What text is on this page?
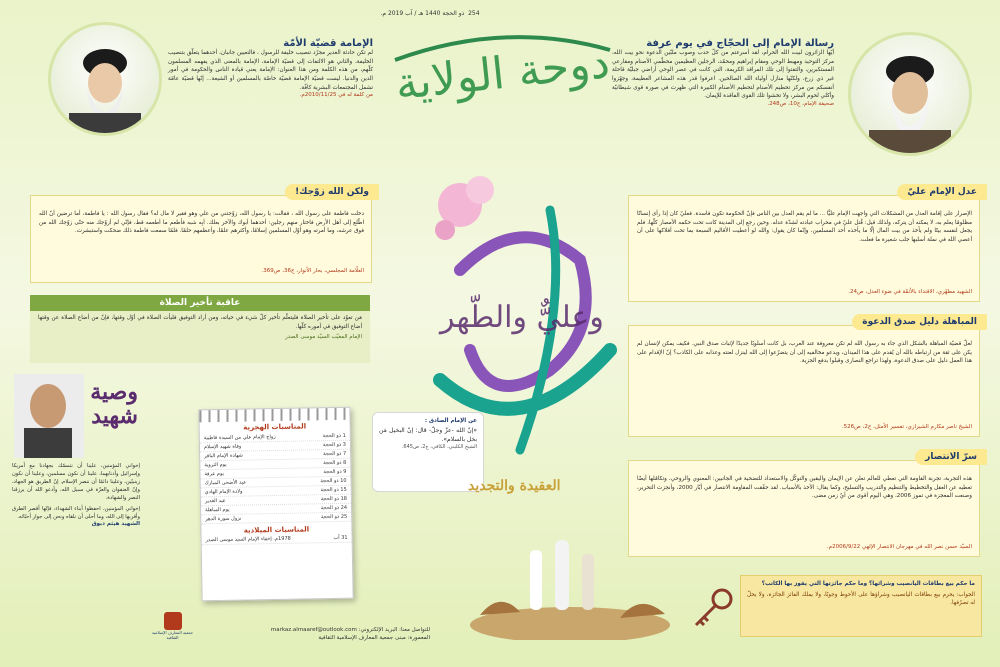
254  ذو الحجة 1440 هـ / آب 2019 م.
دوحة الولاية
الإمامة قضيّة الأمّة
لم تكن حادثة الغدير مجرّد تنصيب خليفة للرسول ، فالتعيين جانبان، أحدهما يتعلّق بتنصيب الخليفة، والثاني هو الالتفات إلى قضيّة الإمامة، الإمامة بالمعنى الذي يفهمه المسلمون كلّهم، من هذه الكلمة ومن هذا العنوان: الإمامة يعني قيادة الناس والحكومة في أمور الدين والدنيا. ليست قضيّة الإمامة قضيّة خاصّة بالمسلمين أو الشيعة... إنّها قضيّة عامّة تشمل المجتمعات البشرية كافّة.
من كلمة له في 2010/11/25م.
رسالة الإمام إلى الحجّاج في يوم عرفة
أيّها الزائرون لبيت الله الحرام، لقد أسرعتم من كلّ حدب وصوب ملبّين الدعوة نحو بيت الله، مركز التوحيد ومهبط الوحي ومقام إبراهيم ومحمّد، الرجلين العظيمين محطّمي الأصنام ومقارعي المستكبرين، والتفتوا إلى تلك المراقد الكريمة، التي كانت في عصر الوحي أراضي جبليّة قاحلة غير ذي زرع، ولكنّها منازل أولياء الله الصالحين. اعرفوا قدر هذه المشاعر العظيمة، وجهّزوا أنفسكم من مركز تحطيم الأصنام لتحطيم الأصنام الكبيرة التي ظهرت في صورة قوى شيطانيّة وأكلي لحوم البشر، ولا تخشوا تلك القوى الفاقدة للإيمان.
صحيفة الإمام، ج10، ص248.
ولكن الله زوّجك!
دخلت فاطمة على رسول الله ، فقالت: يا رسول الله، زوّجتني من علي وهو فقير لا مال له؟ فقال رسول الله : يا فاطمة، أما ترضين أنّ الله اطّلع إلى أهل الأرض فاختار منهم رجلين: أحدهما أبوك والآخر بعلك. أبِه شبه فأطعم ما أطعمه قط، فإنّي لم أزوّجك منه حتّى زوّجك الله من فوق عرشه، وما أمرته وهو أوّل المسلمين إسلامًا، وأكثرهم علمًا، وأعظمهم حلمًا. فلمّا سمعت فاطمة ذلك ضحكت واستبشرت.
العلّامة المجلسي، بحار الأنوار، ج36، ص369.
عاقبة تأخير الصلاة
مَن تعوّد على تأخير الصلاة فليتعلّم تأخير كلّ شيء في حياته، ومن أراد التوفيق فليأت الصلاة في أوّل وقتها، فإنّ من أضاع الصلاة عن وقتها أضاع التوفيق في أموره كلّها.
الإمام المغيّب السيّد موسى الصدر
وصية شهيد
إخواني المؤمنين، علينا أن نتمسّك بجهادنا مع أمريكا وإسرائيل وأذنابهما، علينا أن نكون مسلمين، وعلينا أن نكون زينبيّين، وعلينا دائمًا أن ننصر الإسلام. إنّ الطريق هو الجهاد، وإنّ العنفوان والعزّة في سبيل الله، وأدعو الله أن يرزقنا النصر والشهادة.
إخواني المؤمنين، احفظوا أبناء الشهداء، فإنّها أقصر الطرق وأقربها إلى الله، وما أحلى أن نلقاه ونحن إلى جوار أحبّائه.
الشهيد هيثم دبوق
المناسبات الهجرية
1 ذو الحجة
زواج الإمام علي من السيدة فاطمة
3 ذو الحجة
وفاة شهيد الإسلام
7 ذو الحجة
شهادة الإمام الباقر
8 ذو الحجة
يوم التروية
9 ذو الحجة
يوم عرفة
10 ذو الحجة
عيد الأضحى المبارك
15 ذو الحجة
ولادة الإمام الهادي
18 ذو الحجة
عيد الغدير
24 ذو الحجة
يوم المباهلة
25 ذو الحجة
نزول سورة الدهر
المناسبات الميلادية
31 آب
1978م. إخفاء الإمام السيد موسى الصدر
عن الإمام الصادق :
«إنّ الله -عزّ وجلّ- قال: إنّ البخيل مَن بخل بالسلام».
الشيخ الكليني، الكافي، ج2، ص645.
وعليٌّ والطّهر
العقيدة والتجديد
عدل الإمام عليّ
الإصرار على إقامة العدل من المشكلات التي واجهت الإمام عليًّا ... ما لم يقم العدل بين الناس فإنّ الحكومة تكون فاسدة. فعليّ كان إذا رأى إنسانًا مظلومًا يعلم به، لا يمكنه أن يتركه، ولذلك قيل: قُتل عليّ في محراب عبادته لشدّة عدله. وحين رجع إلى المدينة كانت تحت حكمه الأمصار كلّها، فلم يجعل لنفسه بيتًا ولم يأخذ من بيت المال إلّا ما يأخذه أحد المسلمين، وإنّما كان يقول: والله لو أعطيت الأقاليم السبعة بما تحت أفلاكها على أن أعصي الله في نملة أسلبها جلب شعيرة ما فعلت.
الشهيد مطهّري، الاقتداء بالأئمّة في ضوء العدل، ص24.
المباهلة دليل صدق الدعوة
لعلّ قضيّة المباهلة بالشكل الذي جاء به رسول الله لم تكن معروفة عند العرب، بل كانت أسلوبًا جديدًا لإثبات صدق النبي. فكيف يمكن لإنسان لم يكن على ثقة من ارتباطه بالله أن يُقدم على هذا الميدان، ويدعو مخالفيه إلى أن يتضرّعوا إلى الله لينزل لعنته وعذابه على الكاذب؟ إنّ الإقدام على هذا العمل دليل على صدق الدعوة، ولهذا تراجع النصارى وقبلوا بدفع الجزية.
الشيخ ناصر مكارم الشيرازي، تفسير الأمثل، ج2، ص526.
سرّ الانتصار
هذه التجربة، تجربة القاومة التي تعطي للعالم تعلن عن الإيمان واليقين والتوكّل والاستعداد للتضحية في الجانبين: المعنوي والروحي، وتكامُلها أيضًا تعطيه عن العقل والتخطيط والتنظيم والتدريب والتسليح، وكما يقال: الأخذ بالأسباب. لقد حقّقت المقاومة الانتصار في أيّار 2000، وأنجزت التحرير، وصنعت المعجزة في تموز 2006، وهي اليوم أقوى من أيّ زمن مضى.
السيّد حسن نصر الله في مهرجان الانتصار الإلهي 2006/9/22م.
ما حكم بيع بطاقات اليانصيب وشرائها؟ وما حكم جائزتها التي يفوز بها الكاتب؟
الجواب: يحرم بيع بطاقات اليانصيب وشراؤها على الأحوط وجوبًا، ولا يملك الفائز الجائزة، ولا يحلّ له تصرّفها.
للتواصل معنا: البريد الإلكتروني: markaz.almaaref@outlook.com
المعمورة: مبنى جمعية المعارف الإسلامية الثقافية
جمعية المعارف الإسلامية الثقافية
